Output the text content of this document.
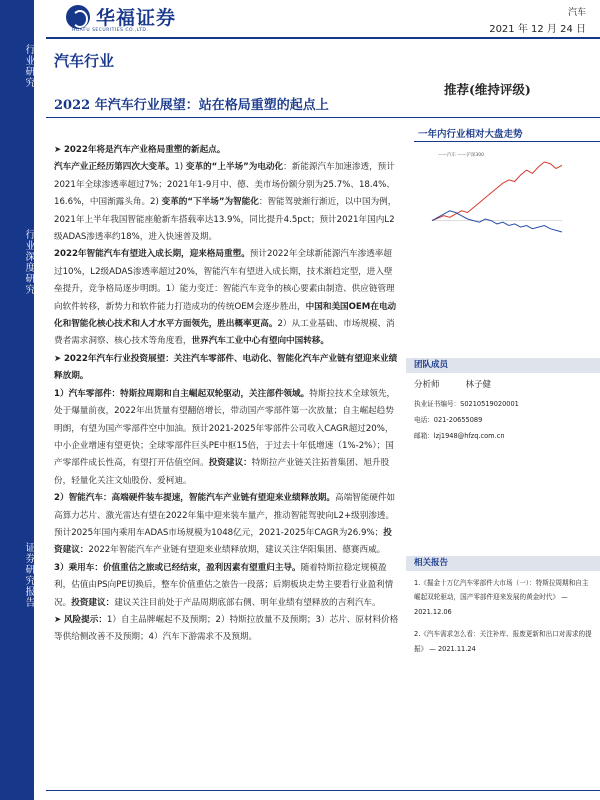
行业研究
行业深度研究
证券研究报告
华福证券
HUAFU SECURITIES CO.,LTD.
汽车
2021 年 12 月 24 日
汽车行业
推荐(维持评级)
2022 年汽车行业展望：站在格局重塑的起点上

➤ 2022年将是汽车产业格局重塑的新起点。

汽车产业正经历第四次大变革。1) 变革的“上半场”为电动化：新能源汽车加速渗透，预计2021年全球渗透率超过7%；2021年1-9月中、德、美市场份额分别为25.7%、18.4%、16.6%，中国渐露头角。2) 变革的“下半场”为智能化：智能驾驶渐行渐近，以中国为例，2021年上半年我国智能座舱新车搭载率达13.9%，同比提升4.5pct；预计2021年国内L2级ADAS渗透率约18%，进入快速普及期。

2022年智能汽车有望进入成长期，迎来格局重塑。预计2022年全球新能源汽车渗透率超过10%，L2级ADAS渗透率超过20%，智能汽车有望进入成长期，技术渐趋定型，进入壁垒提升，竞争格局逐步明朗。1）能力变迁：智能汽车竞争的核心要素由制造、供应链管理向软件转移，新势力和软件能力打造成功的传统OEM会逐步胜出，中国和美国OEM在电动化和智能化核心技术和人才水平方面领先，胜出概率更高。2）从工业基础、市场规模、消费者需求洞察、核心技术等角度看，世界汽车工业中心有望向中国转移。

➤ 2022年汽车行业投资展望：关注汽车零部件、电动化、智能化汽车产业链有望迎来业绩释放期。

1）汽车零部件：特斯拉周期和自主崛起双轮驱动，关注部件领域。特斯拉技术全球领先，处于爆量前夜，2022年出货量有望翻倍增长，带动国产零部件第一次放量；自主崛起趋势明朗，有望为国产零部件空中加油。预计2021-2025年零部件公司收入CAGR超过20%，中小企业增速有望更快；全球零部件巨头PE中枢15倍，于过去十年低增速（1%-2%）；国产零部件成长性高，有望打开估值空间。投资建议：特斯拉产业链关注拓普集团、旭升股份，轻量化关注文灿股份、爱柯迪。

2）智能汽车：高端硬件装车提速，智能汽车产业链有望迎来业绩释放期。高端智能硬件如高算力芯片、激光雷达有望在2022年集中迎来装车量产，推动智能驾驶向L2+级别渗透。预计2025年国内乘用车ADAS市场规模为1048亿元，2021-2025年CAGR为26.9%；投资建议：2022年智能汽车产业链有望迎来业绩释放期，建议关注华阳集团、德赛西威。

3）乘用车：价值重估之旅或已经结束，盈利因素有望重归主导。随着特斯拉稳定规模盈利，估值由PS向PE切换后，整车价值重估之旅告一段落；后期板块走势主要看行业盈利情况。投资建议：建议关注目前处于产品周期底部右侧、明年业绩有望释放的吉利汽车。

➤ 风险提示：1）自主品牌崛起不及预期；2）特斯拉放量不及预期；3）芯片、原材料价格等供给侧改善不及预期；4）汽车下游需求不及预期。

一年内行业相对大盘走势
——汽车 ——沪深300
团队成员
分析师	林子健
执业证书编号：S0210519020001
电话：021-20655089
邮箱：lzj1948@hfzq.com.cn
相关报告

1.《掘金十万亿汽车零部件大市场（一）：特斯拉周期和自主崛起双轮驱动，国产零部件迎来发展的黄金时代》 — 2021.12.06

2.《汽车需求怎么看：关注补库、报废更新和出口对需求的提振》 — 2021.11.24
